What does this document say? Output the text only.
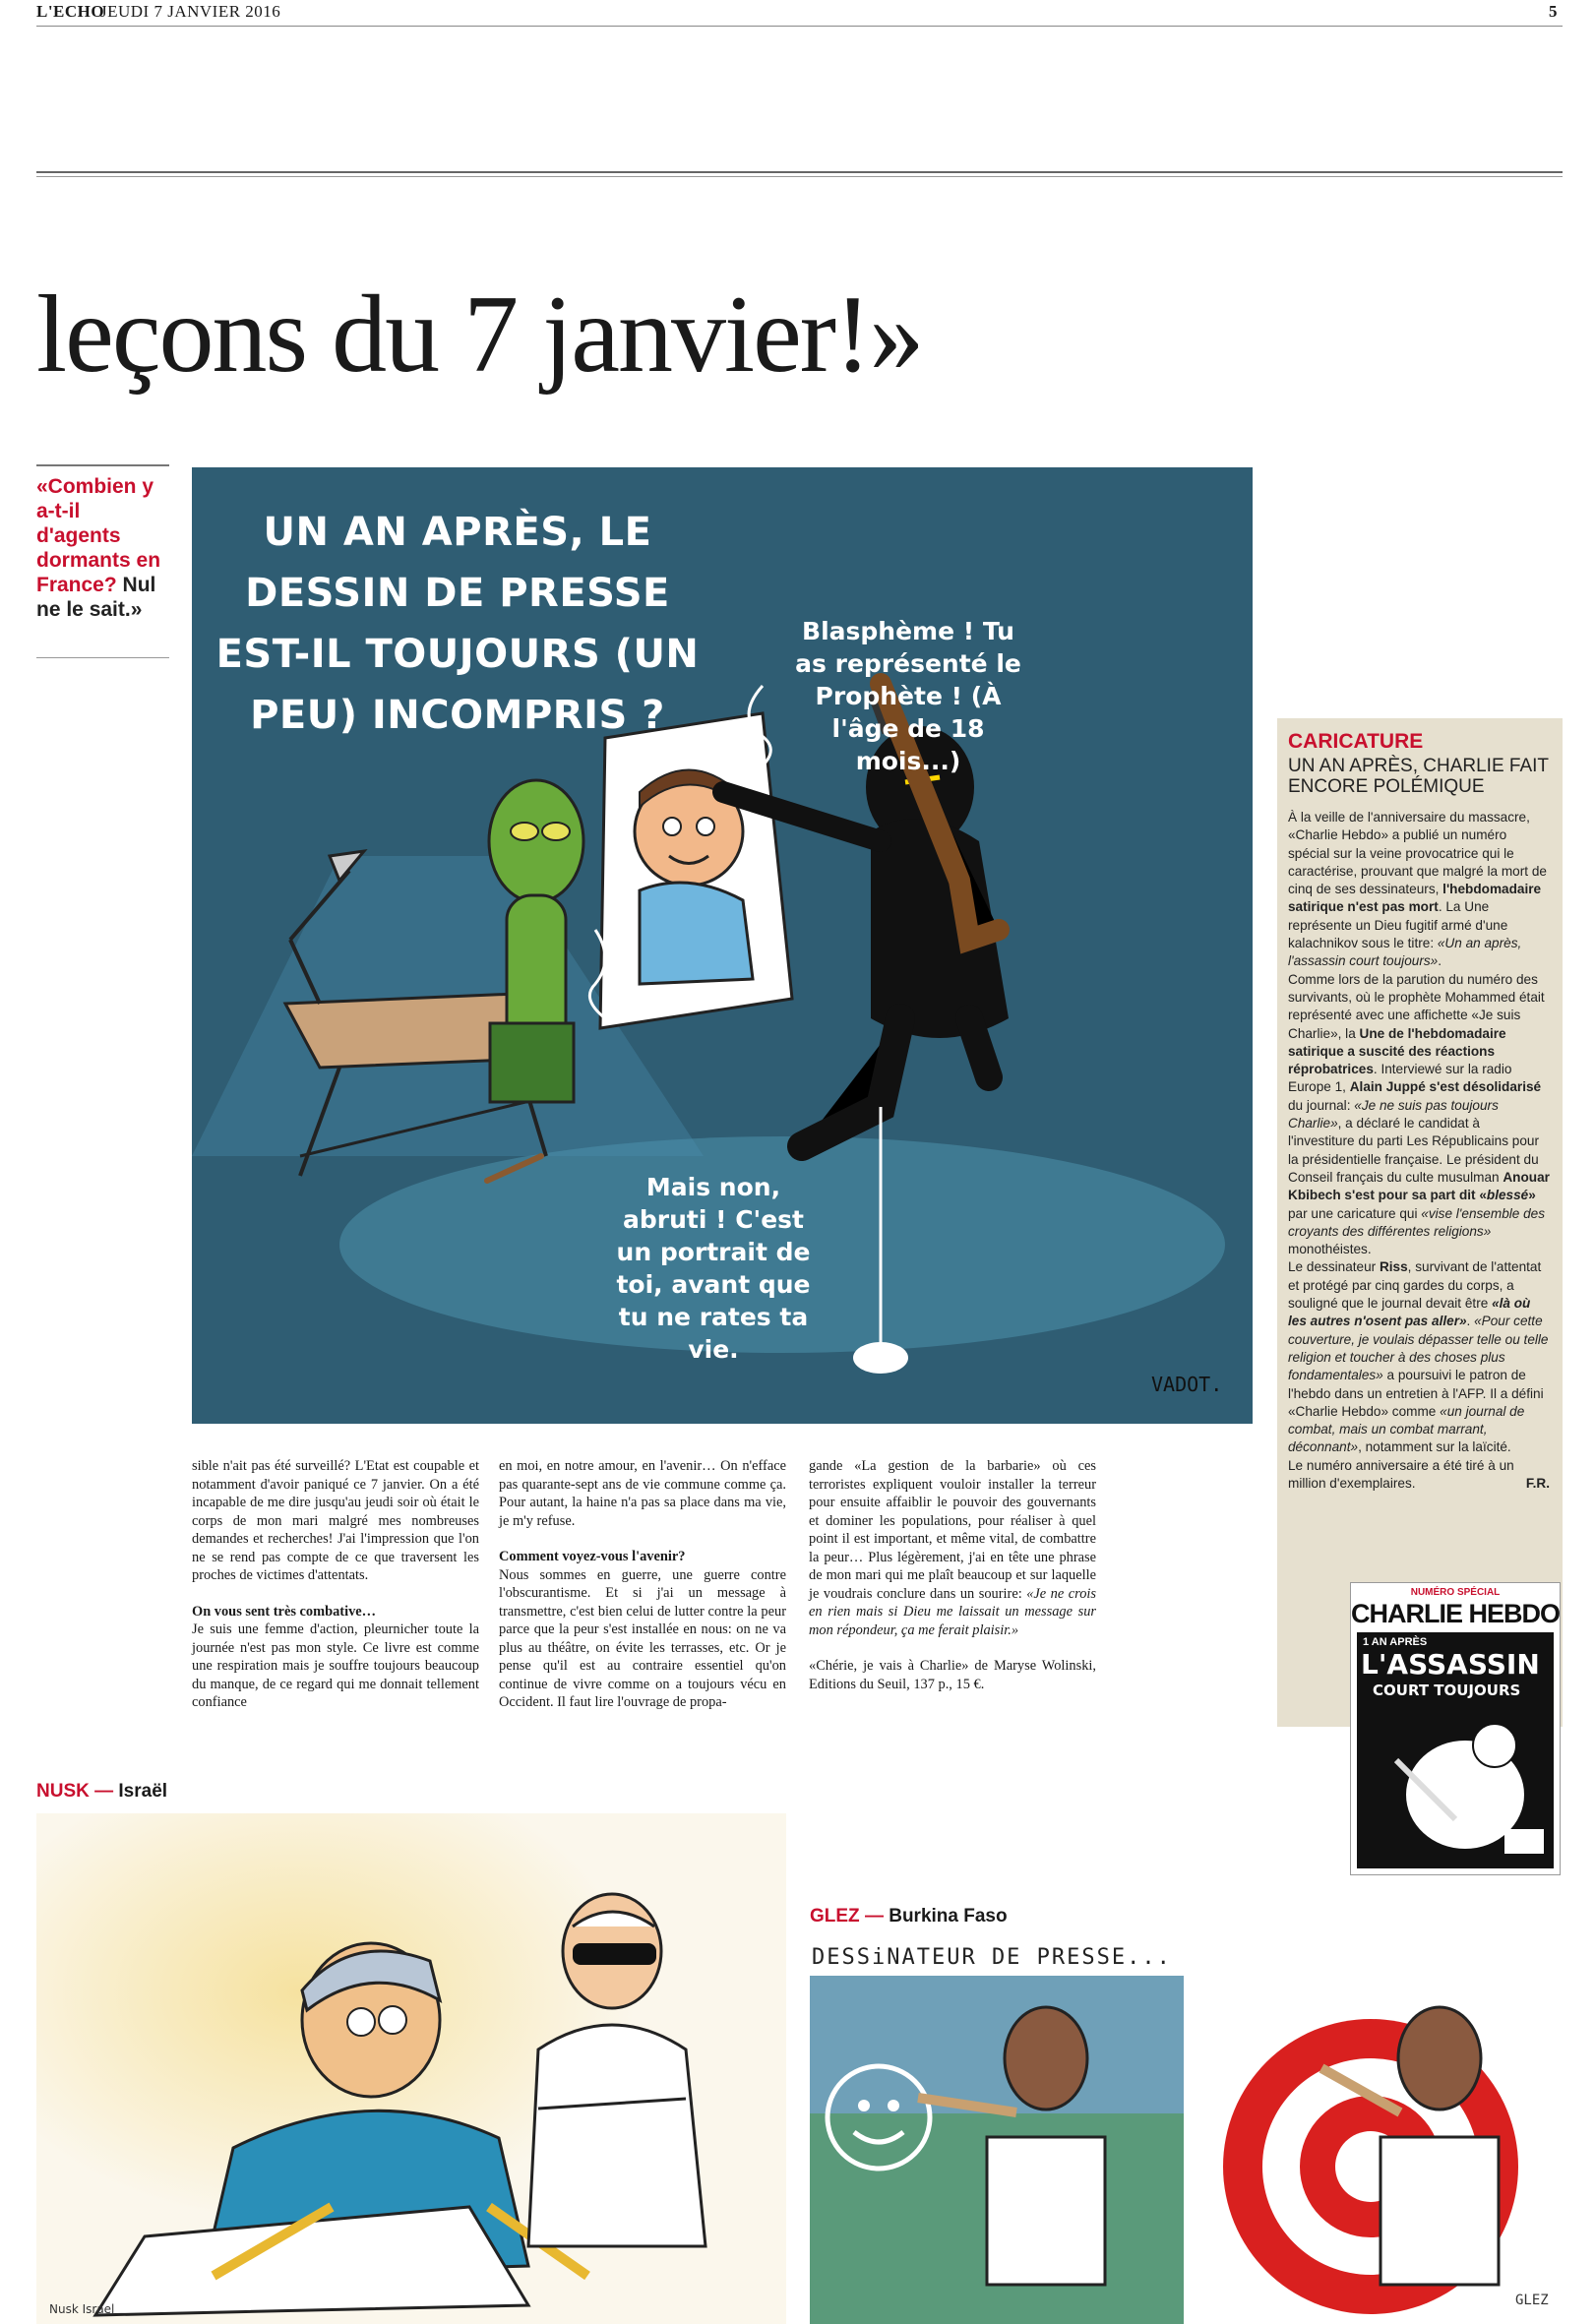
L'ECHO
JEUDI 7 JANVIER 2016	5
leçons du 7 janvier!»
«Combien y a-t-il d'agents dormants en France? Nul ne le sait.»
UN AN APRÈS, LE DESSIN DE PRESSE EST-IL TOUJOURS (UN PEU) INCOMPRIS ?
Blasphème ! Tu as représenté le Prophète ! (À l'âge de 18 mois...)
Mais non, abruti ! C'est un portrait de toi, avant que tu ne rates ta vie.
VADOT.

sible n'ait pas été surveillé? L'Etat est coupable et notamment d'avoir paniqué ce 7 janvier. On a été incapable de me dire jusqu'au jeudi soir où était le corps de mon mari malgré mes nombreuses demandes et recherches! J'ai l'impression que l'on ne se rend pas compte de ce que traversent les proches de victimes d'attentats.

On vous sent très combative…

Je suis une femme d'action, pleurnicher toute la journée n'est pas mon style. Ce livre est comme une respiration mais je souffre toujours beaucoup du manque, de ce regard qui me donnait tellement confiance

en moi, en notre amour, en l'avenir… On n'efface pas quarante-sept ans de vie commune comme ça. Pour autant, la haine n'a pas sa place dans ma vie, je m'y refuse.

Comment voyez-vous l'avenir?

Nous sommes en guerre, une guerre contre l'obscurantisme. Et si j'ai un message à transmettre, c'est bien celui de lutter contre la peur parce que la peur s'est installée en nous: on ne va plus au théâtre, on évite les terrasses, etc. Or je pense qu'il est au contraire essentiel qu'on continue de vivre comme on a toujours vécu en Occident. Il faut lire l'ouvrage de propa-

gande «La gestion de la barbarie» où ces terroristes expliquent vouloir installer la terreur pour ensuite affaiblir le pouvoir des gouvernants et dominer les populations, pour réaliser à quel point il est important, et même vital, de combattre la peur… Plus légèrement, j'ai en tête une phrase de mon mari qui me plaît beaucoup et sur laquelle je voudrais conclure dans un sourire: «Je ne crois en rien mais si Dieu me laissait un message sur mon répondeur, ça me ferait plaisir.»

«Chérie, je vais à Charlie» de Maryse Wolinski, Editions du Seuil, 137 p., 15 €.

CARICATURE
UN AN APRÈS, CHARLIE FAIT ENCORE POLÉMIQUE
À la veille de l'anniversaire du massacre, «Charlie Hebdo» a publié un numéro spécial sur la veine provocatrice qui le caractérise, prouvant que malgré la mort de cinq de ses dessinateurs, l'hebdomadaire satirique n'est pas mort. La Une représente un Dieu fugitif armé d'une kalachnikov sous le titre: «Un an après, l'assassin court toujours».
Comme lors de la parution du numéro des survivants, où le prophète Mohammed était représenté avec une affichette «Je suis Charlie», la Une de l'hebdomadaire satirique a suscité des réactions réprobatrices. Interviewé sur la radio Europe 1, Alain Juppé s'est désolidarisé du journal: «Je ne suis pas toujours Charlie», a déclaré le candidat à l'investiture du parti Les Républicains pour la présidentielle française. Le président du Conseil français du culte musulman Anouar Kbibech s'est pour sa part dit «blessé» par une caricature qui «vise l'ensemble des croyants des différentes religions» monothéistes.
Le dessinateur Riss, survivant de l'attentat et protégé par cinq gardes du corps, a souligné que le journal devait être «là où les autres n'osent pas aller». «Pour cette couverture, je voulais dépasser telle ou telle religion et toucher à des choses plus fondamentales» a poursuivi le patron de l'hebdo dans un entretien à l'AFP. Il a défini «Charlie Hebdo» comme «un journal de combat, mais un combat marrant, déconnant», notamment sur la laïcité.
Le numéro anniversaire a été tiré à un million d'exemplaires.	F.R.
NUMÉRO SPÉCIAL
CHARLIE HEBDO
1 AN APRÈS
L'ASSASSIN
COURT TOUJOURS
NUSK — Israël
Nusk Israel
GLEZ — Burkina Faso
DESSiNATEUR DE PRESSE...
GLEZ
